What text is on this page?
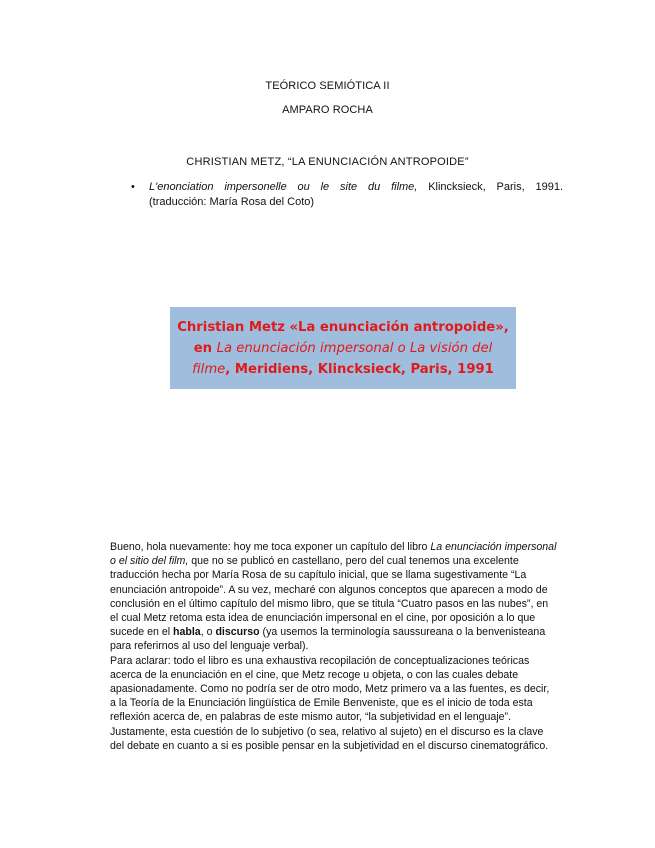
TEÓRICO SEMIÓTICA II
AMPARO ROCHA
CHRISTIAN METZ, “LA ENUNCIACIÓN ANTROPOIDE”
• L'enonciation impersonelle ou le site du filme, Klincksieck, Paris, 1991.
(traducción: María Rosa del Coto)
Christian Metz «La enunciación antropoide»,
en La enunciación impersonal o La visión del
filme, Meridiens, Klincksieck, Paris, 1991

Bueno, hola nuevamente: hoy me toca exponer un capítulo del libro La enunciación impersonal o el sitio del film, que no se publicó en castellano, pero del cual tenemos una excelente traducción hecha por María Rosa de su capítulo inicial, que se llama sugestivamente “La enunciación antropoide”. A su vez, mecharé con algunos conceptos que aparecen a modo de conclusión en el último capítulo del mismo libro, que se titula “Cuatro pasos en las nubes”, en el cual Metz retoma esta idea de enunciación impersonal en el cine, por oposición a lo que sucede en el habla, o discurso (ya usemos la terminología saussureana o la benvenisteana para referirnos al uso del lenguaje verbal).

Para aclarar: todo el libro es una exhaustiva recopilación de conceptualizaciones teóricas acerca de la enunciación en el cine, que Metz recoge u objeta, o con las cuales debate apasionadamente. Como no podría ser de otro modo, Metz primero va a las fuentes, es decir, a la Teoría de la Enunciación lingüística de Emile Benveniste, que es el inicio de toda esta reflexión acerca de, en palabras de este mismo autor, “la subjetividad en el lenguaje”. Justamente, esta cuestión de lo subjetivo (o sea, relativo al sujeto) en el discurso es la clave del debate en cuanto a si es posible pensar en la subjetividad en el discurso cinematográfico.
